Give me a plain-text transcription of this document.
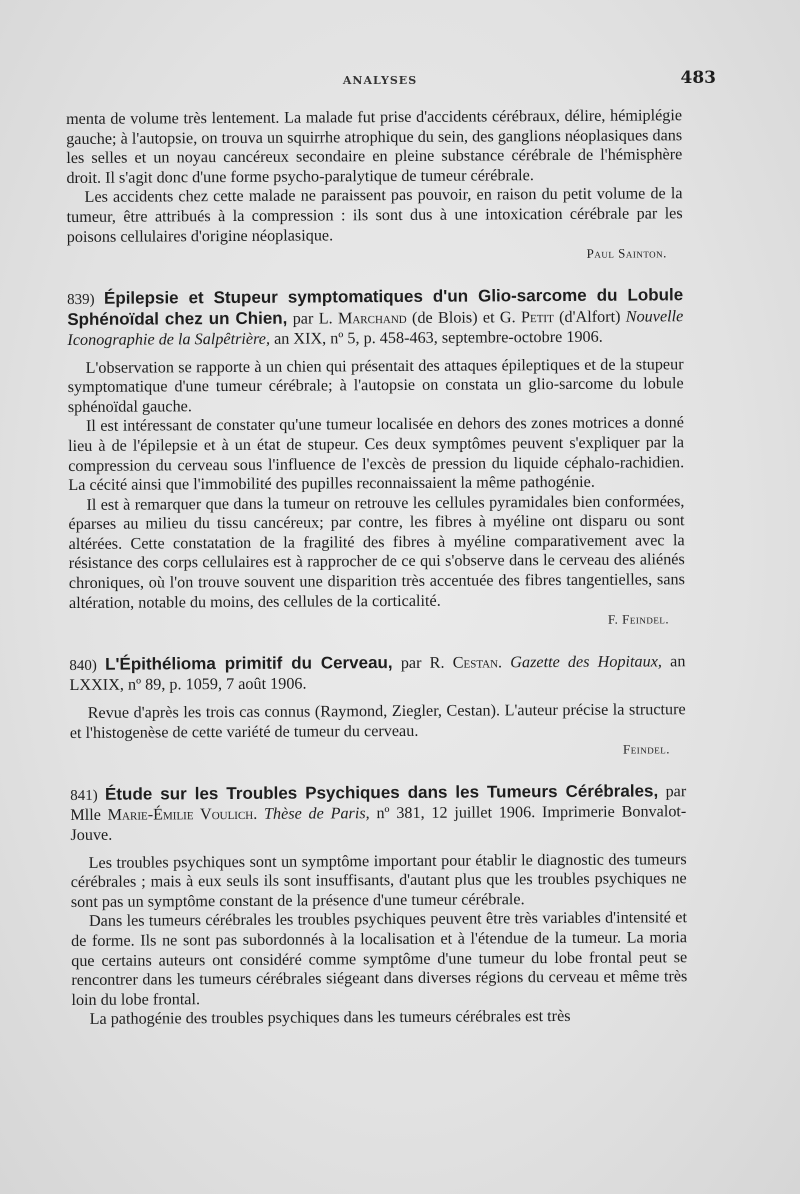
ANALYSES	483

menta de volume très lentement. La malade fut prise d'accidents cérébraux, délire, hémiplégie gauche; à l'autopsie, on trouva un squirrhe atrophique du sein, des ganglions néoplasiques dans les selles et un noyau cancéreux secondaire en pleine substance cérébrale de l'hémisphère droit. Il s'agit donc d'une forme psycho-paralytique de tumeur cérébrale.

Les accidents chez cette malade ne paraissent pas pouvoir, en raison du petit volume de la tumeur, être attribués à la compression : ils sont dus à une intoxication cérébrale par les poisons cellulaires d'origine néoplasique.

Paul Sainton.

839) Épilepsie et Stupeur symptomatiques d'un Glio-sarcome du Lobule Sphénoïdal chez un Chien, par L. Marchand (de Blois) et G. Petit (d'Alfort) Nouvelle Iconographie de la Salpêtrière, an XIX, nº 5, p. 458-463, septembre-octobre 1906.

L'observation se rapporte à un chien qui présentait des attaques épileptiques et de la stupeur symptomatique d'une tumeur cérébrale; à l'autopsie on constata un glio-sarcome du lobule sphénoïdal gauche.

Il est intéressant de constater qu'une tumeur localisée en dehors des zones motrices a donné lieu à de l'épilepsie et à un état de stupeur. Ces deux symptômes peuvent s'expliquer par la compression du cerveau sous l'influence de l'excès de pression du liquide céphalo-rachidien. La cécité ainsi que l'immobilité des pupilles reconnaissaient la même pathogénie.

Il est à remarquer que dans la tumeur on retrouve les cellules pyramidales bien conformées, éparses au milieu du tissu cancéreux; par contre, les fibres à myéline ont disparu ou sont altérées. Cette constatation de la fragilité des fibres à myéline comparativement avec la résistance des corps cellulaires est à rapprocher de ce qui s'observe dans le cerveau des aliénés chroniques, où l'on trouve souvent une disparition très accentuée des fibres tangentielles, sans altération, notable du moins, des cellules de la corticalité.

F. Feindel.

840) L'Épithélioma primitif du Cerveau, par R. Cestan. Gazette des Hopitaux, an LXXIX, nº 89, p. 1059, 7 août 1906.

Revue d'après les trois cas connus (Raymond, Ziegler, Cestan). L'auteur précise la structure et l'histogenèse de cette variété de tumeur du cerveau.

Feindel.

841) Étude sur les Troubles Psychiques dans les Tumeurs Cérébrales, par Mlle Marie-Émilie Voulich. Thèse de Paris, nº 381, 12 juillet 1906. Imprimerie Bonvalot-Jouve.

Les troubles psychiques sont un symptôme important pour établir le diagnostic des tumeurs cérébrales ; mais à eux seuls ils sont insuffisants, d'autant plus que les troubles psychiques ne sont pas un symptôme constant de la présence d'une tumeur cérébrale.

Dans les tumeurs cérébrales les troubles psychiques peuvent être très variables d'intensité et de forme. Ils ne sont pas subordonnés à la localisation et à l'étendue de la tumeur. La moria que certains auteurs ont considéré comme symptôme d'une tumeur du lobe frontal peut se rencontrer dans les tumeurs cérébrales siégeant dans diverses régions du cerveau et même très loin du lobe frontal.

La pathogénie des troubles psychiques dans les tumeurs cérébrales est très
